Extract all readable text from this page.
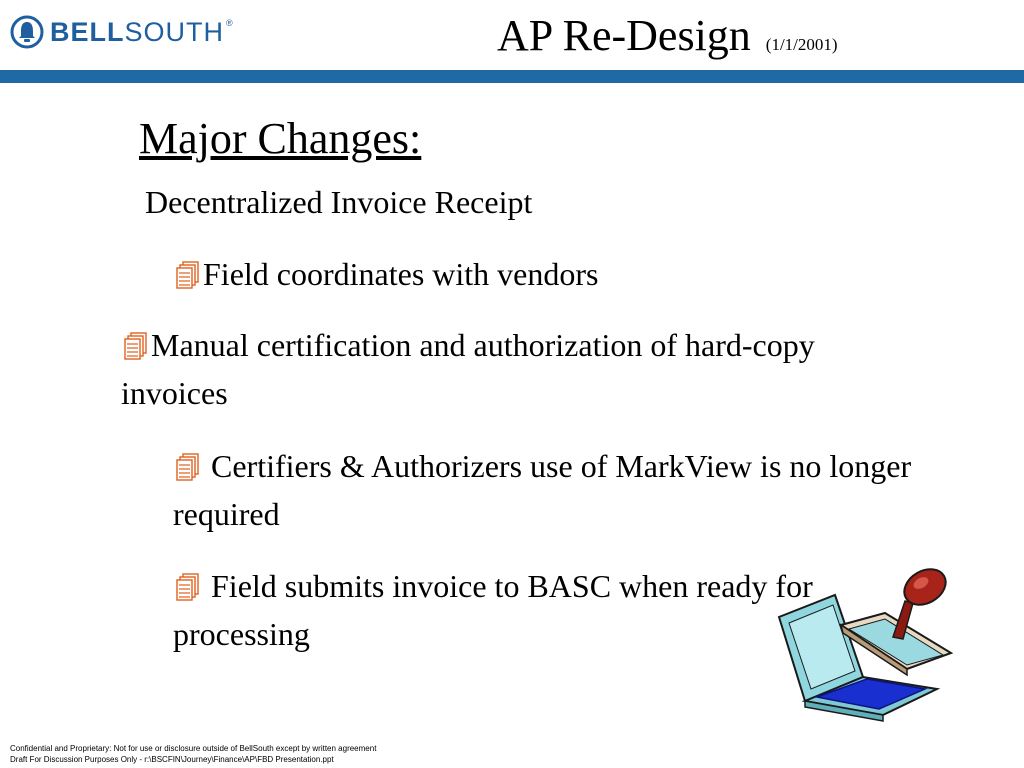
BELLSOUTH ®	AP Re-Design (1/1/2001)
Major Changes:
Decentralized Invoice Receipt
Field coordinates with vendors
Manual certification and authorization of hard-copy invoices
Certifiers & Authorizers use of MarkView is no longer required
Field submits invoice to BASC when ready for processing
Confidential and Proprietary: Not for use or disclosure outside of BellSouth except by written agreement
Draft For Discussion Purposes Only - r:\BSCFIN\Journey\Finance\AP\FBD Presentation.ppt
